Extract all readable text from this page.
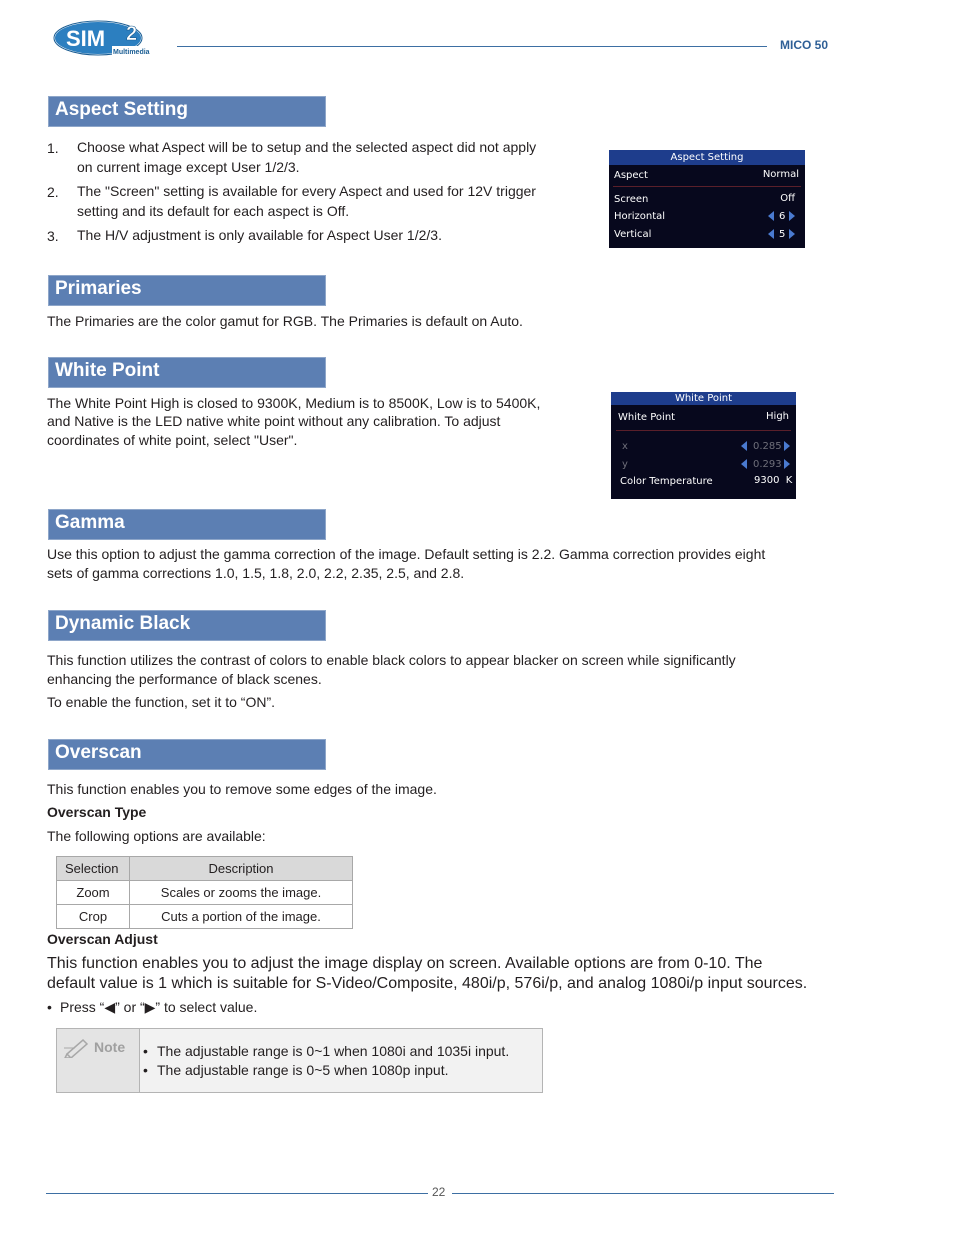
SIM 2
Multimedia
MICO 50
Aspect Setting
1. Choose what Aspect will be to setup and the selected aspect did not apply
on current image except User 1/2/3.
2. The "Screen" setting is available for every Aspect and used for 12V trigger
setting and its default for each aspect is Off.
3. The H/V adjustment is only available for Aspect User 1/2/3.
Aspect Setting
Aspect	Normal
Screen	Off
Horizontal	6
Vertical	5
Primaries
The Primaries are the color gamut for RGB. The Primaries is default on Auto.
White Point
The White Point High is closed to 9300K, Medium is to 8500K, Low is to 5400K,
and Native is the LED native white point without any calibration. To adjust
coordinates of white point, select "User".
White Point
White Point	High
x	0.285
y	0.293
Color Temperature	9300  K
Gamma
Use this option to adjust the gamma correction of the image. Default setting is 2.2. Gamma correction provides eight
sets of gamma corrections 1.0, 1.5, 1.8, 2.0, 2.2, 2.35, 2.5, and 2.8.
Dynamic Black
This function utilizes the contrast of colors to enable black colors to appear blacker on screen while significantly
enhancing the performance of black scenes.
To enable the function, set it to “ON”.
Overscan
This function enables you to remove some edges of the image.
Overscan Type
The following options are available:
Selection	Description
Zoom	Scales or zooms the image.
Crop	Cuts a portion of the image.
Overscan Adjust
This function enables you to adjust the image display on screen. Available options are from 0-10. The
default value is 1 which is suitable for S-Video/Composite, 480i/p, 576i/p, and analog 1080i/p input sources.
• Press “◀” or “▶” to select value.
Note • The adjustable range is 0~1 when 1080i and 1035i input.
• The adjustable range is 0~5 when 1080p input.
22
